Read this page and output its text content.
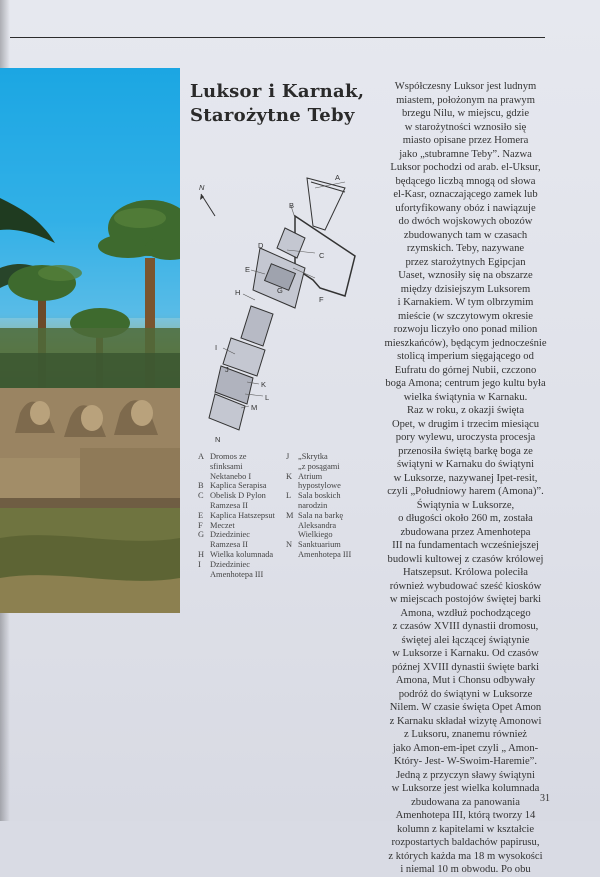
Luksor i Karnak,
Starożytne Teby
N
A
B
C
D
E
F
G
H
I
J
K
L
M
N
A Dromos ze
sfinksami
Nektanebo I
B Kaplica Serapisa
C Obelisk D Pylon
Ramzesa II
E Kaplica Hatszepsut
F Meczet
G Dziedziniec
Ramzesa II
H Wielka kolumnada
I	Dziedziniec
Amenhotepa III
J	„Skrytka
„z posągami
K Atrium
hypostylowe
L Sala boskich
narodzin
M Sala na barkę
Aleksandra
Wielkiego
N Sanktuarium
Amenhotepa III

Współczesny Luksor jest ludnym
miastem, położonym na prawym
brzegu Nilu, w miejscu, gdzie
w starożytności wznosiło się
miasto opisane przez Homera
jako „stubramne Teby”. Nazwa
Luksor pochodzi od arab. el-Uksur,
będącego liczbą mnogą od słowa
el-Kasr, oznaczającego zamek lub
ufortyfikowany obóz i nawiązuje
do dwóch wojskowych obozów
zbudowanych tam w czasach
rzymskich. Teby, nazywane
przez starożytnych Egipcjan
Uaset, wznosiły się na obszarze
między dzisiejszym Luksorem
i Karnakiem. W tym olbrzymim
mieście (w szczytowym okresie
rozwoju liczyło ono ponad milion
mieszkańców), będącym jednocześnie
stolicą imperium sięgającego od
Eufratu do górnej Nubii, czczono
boga Amona; centrum jego kultu była
wielka świątynia w Karnaku.

Raz w roku, z okazji święta
Opet, w drugim i trzecim miesiącu
pory wylewu, uroczysta procesja
przenosiła świętą barkę boga ze
świątyni w Karnaku do świątyni
w Luksorze, nazywanej Ipet-resit,
czyli „Południowy harem (Amona)”.

Świątynia w Luksorze,
o długości około 260 m, została
zbudowana przez Amenhotepa
III na fundamentach wcześniejszej
budowli kultowej z czasów królowej
Hatszepsut. Królowa poleciła
również wybudować sześć kiosków
w miejscach postojów świętej barki
Amona, wzdłuż pochodzącego
z czasów XVIII dynastii dromosu,
świętej alei łączącej świątynie
w Luksorze i Karnaku. Od czasów
późnej XVIII dynastii święte barki
Amona, Mut i Chonsu odbywały
podróż do świątyni w Luksorze
Nilem. W czasie święta Opet Amon
z Karnaku składał wizytę Amonowi
z Luksoru, znanemu również
jako Amon-em-ipet czyli „ Amon-
Który- Jest- W-Swoim-Haremie”.
Jedną z przyczyn sławy świątyni
w Luksorze jest wielka kolumnada
zbudowana za panowania
Amenhotepa III, którą tworzy 14
kolumn z kapitelami w kształcie
rozpostartych baldachów papirusu,
z których każda ma 18 m wysokości
i niemal 10 m obwodu. Po obu

31
